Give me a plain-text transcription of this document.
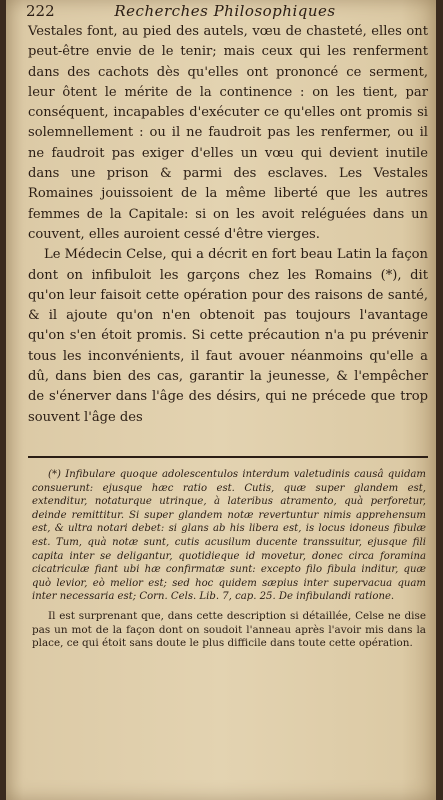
222	Recherches Philosophiques

Vestales font, au pied des autels, vœu de chasteté, elles ont peut-être envie de le tenir; mais ceux qui les renferment dans des cachots dès qu'elles ont prononcé ce serment, leur ôtent le mérite de la continence : on les tient, par conséquent, incapables d'exécuter ce qu'elles ont promis si solemnellement : ou il ne faudroit pas les renfermer, ou il ne faudroit pas exiger d'elles un vœu qui devient inutile dans une prison & parmi des esclaves. Les Vestales Romaines jouissoient de la même liberté que les autres femmes de la Capitale: si on les avoit reléguées dans un couvent, elles auroient cessé d'être vierges.

Le Médecin Celse, qui a décrit en fort beau Latin la façon dont on infibuloit les garçons chez les Romains (*), dit qu'on leur faisoit cette opération pour des raisons de santé, & il ajoute qu'on n'en obtenoit pas toujours l'avantage qu'on s'en étoit promis. Si cette précaution n'a pu prévenir tous les inconvénients, il faut avouer néanmoins qu'elle a dû, dans bien des cas, garantir la jeunesse, & l'empêcher de s'énerver dans l'âge des désirs, qui ne précede que trop souvent l'âge des

(*) Infibulare quoque adolescentulos interdum valetudinis causâ quidam consuerunt: ejusque hæc ratio est. Cutis, quæ super glandem est, extenditur, notaturque utrinque, à lateribus atramento, quà perforetur, deinde remittitur. Si super glandem notæ revertuntur nimis apprehensum est, & ultra notari debet: si glans ab his libera est, is locus idoneus fibulæ est. Tum, quà notæ sunt, cutis acusilum ducente transsuitur, ejusque fili capita inter se deligantur, quotidieque id movetur, donec circa foramina cicatriculæ fiant ubi hæ confirmatæ sunt: excepto filo fibula inditur, quæ quò levior, eò melior est; sed hoc quidem sæpius inter supervacua quam inter necessaria est; Corn. Cels. Lib. 7, cap. 25. De infibulandi ratione.

Il est surprenant que, dans cette description si détaillée, Celse ne dise pas un mot de la façon dont on soudoit l'anneau après l'avoir mis dans la place, ce qui étoit sans doute le plus difficile dans toute cette opération.
